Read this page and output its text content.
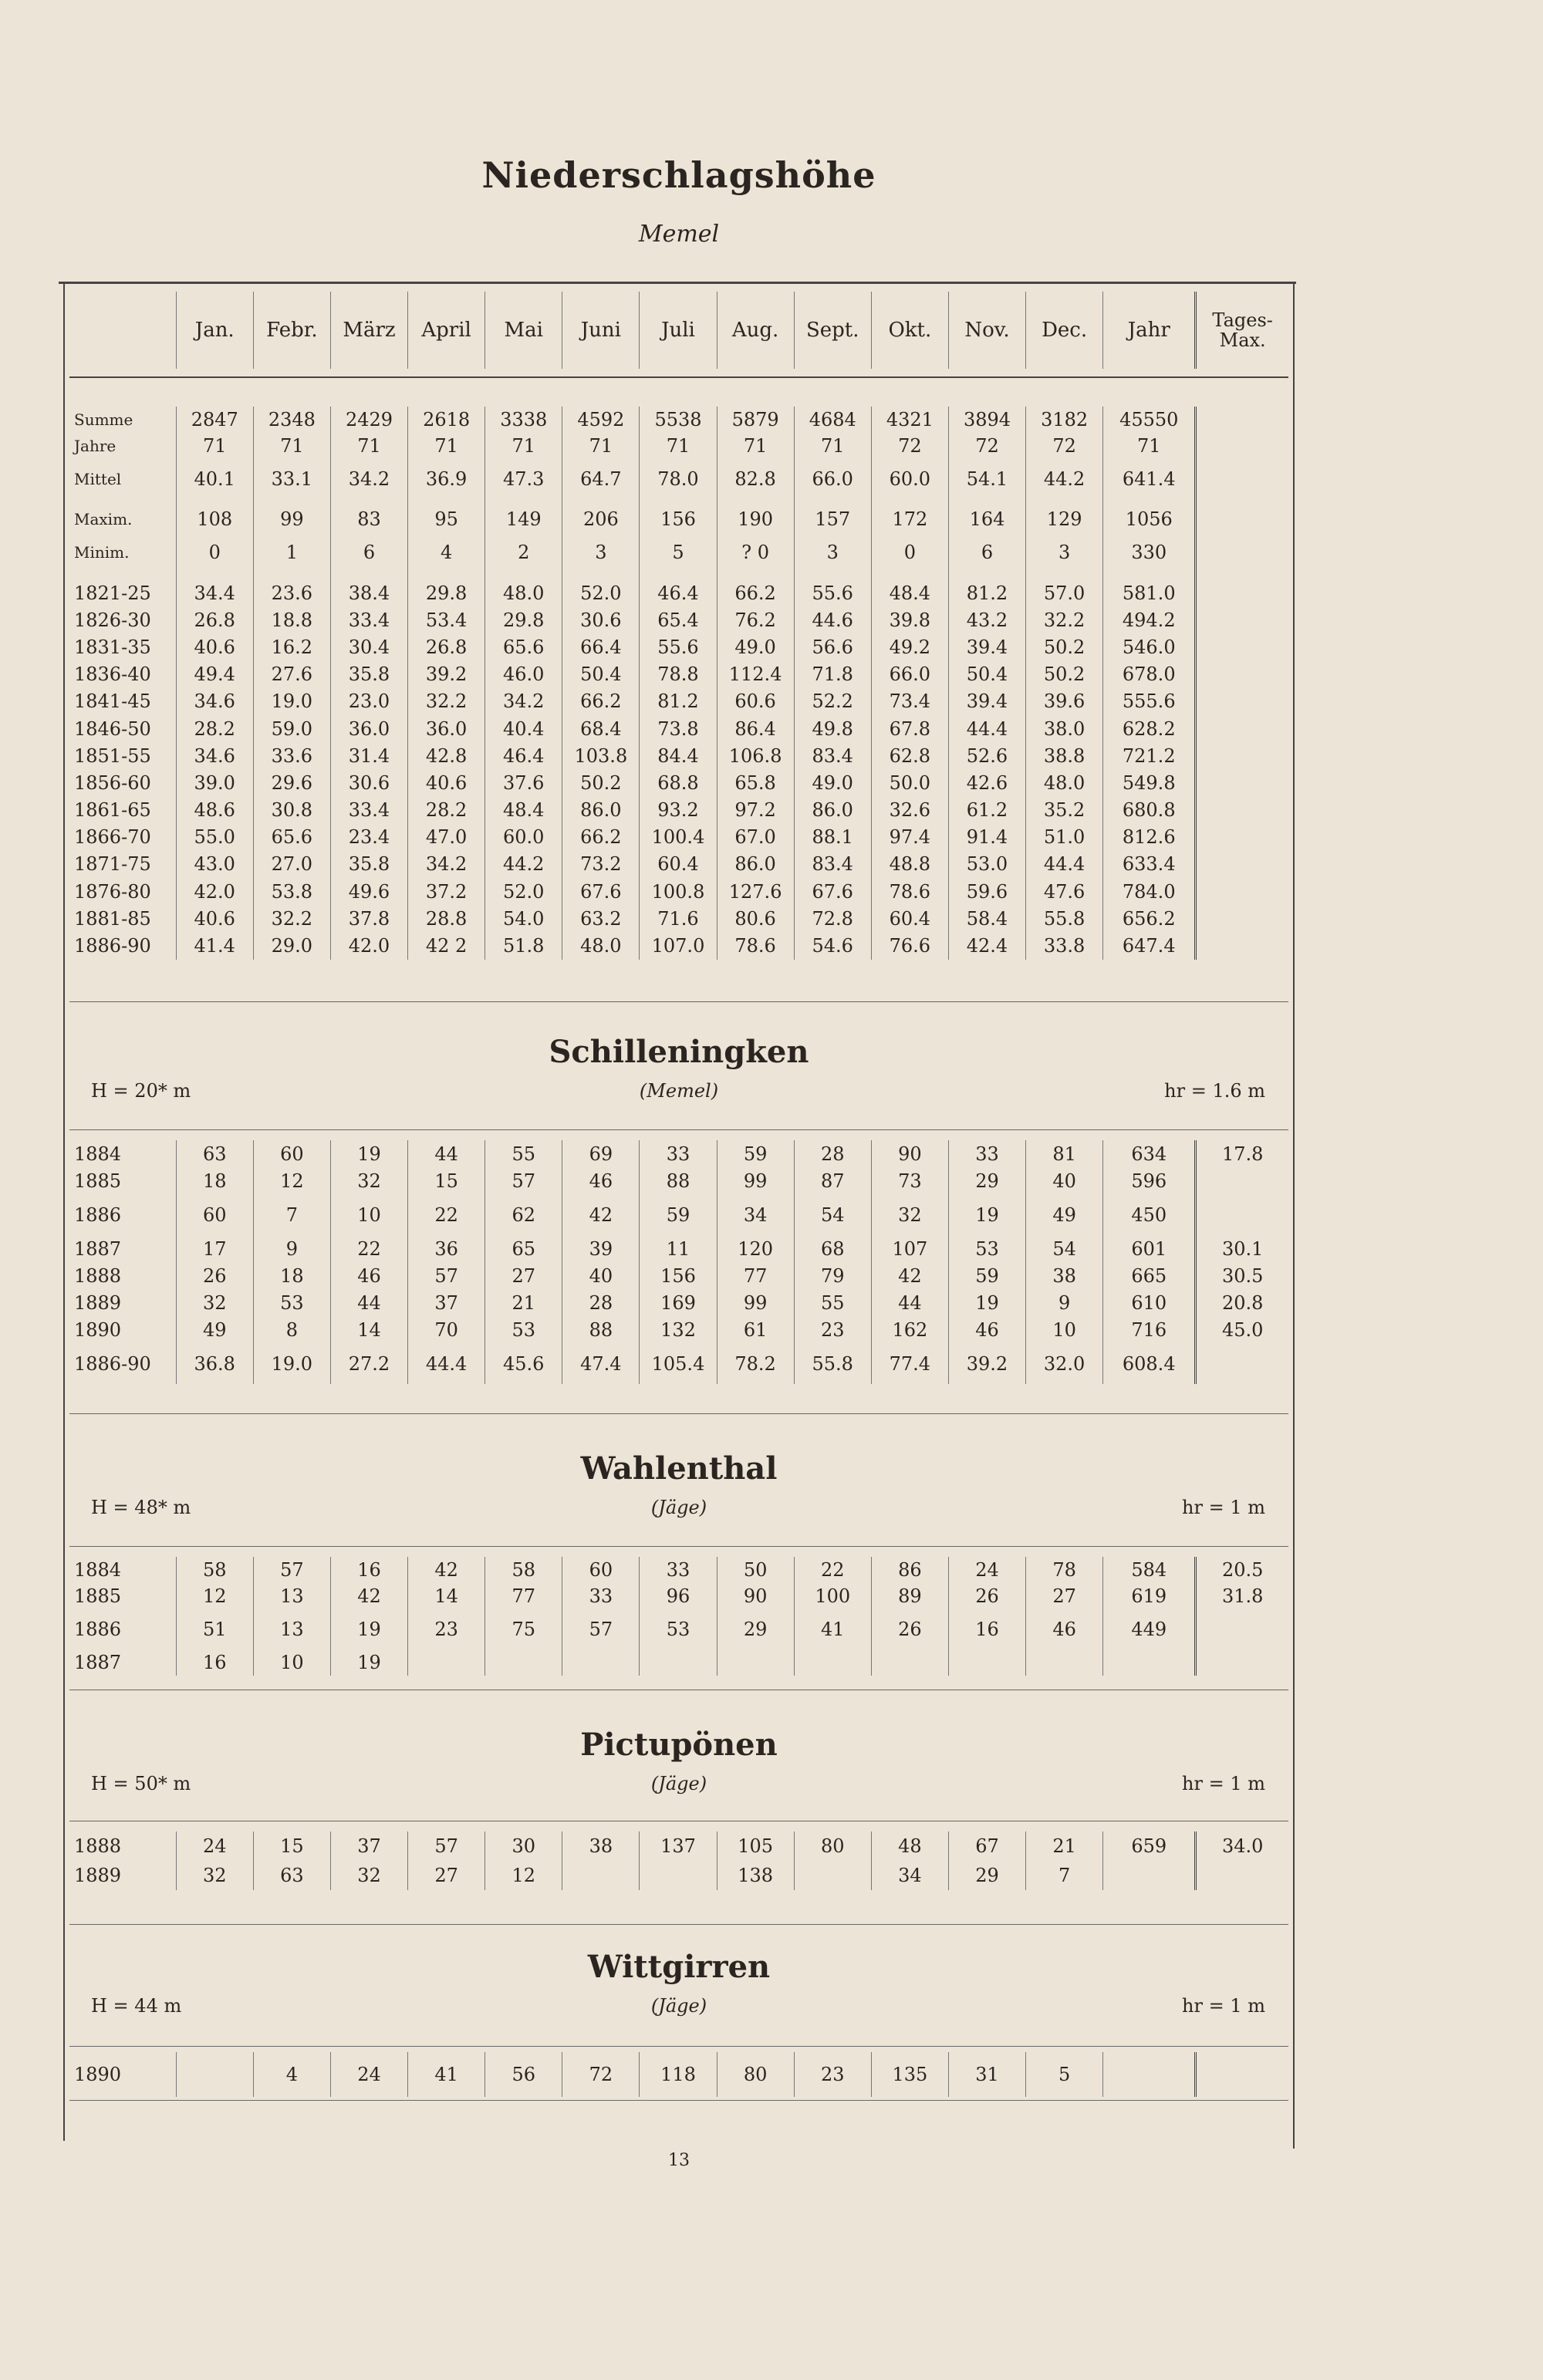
Niederschlagshöhe
Memel
	Jan.	Febr.	März	April	Mai	Juni	Juli	Aug.	Sept.	Okt.	Nov.	Dec.	Jahr	Tages-Max.
Summe	2847	2348	2429	2618	3338	4592	5538	5879	4684	4321	3894	3182	45550	
Jahre	71	71	71	71	71	71	71	71	71	72	72	72	71	
Mittel	40.1	33.1	34.2	36.9	47.3	64.7	78.0	82.8	66.0	60.0	54.1	44.2	641.4	
Maxim.	108	99	83	95	149	206	156	190	157	172	164	129	1056	
Minim.	0	1	6	4	2	3	5	? 0	3	0	6	3	330	

1821-25	34.4	23.6	38.4	29.8	48.0	52.0	46.4	66.2	55.6	48.4	81.2	57.0	581.0	
1826-30	26.8	18.8	33.4	53.4	29.8	30.6	65.4	76.2	44.6	39.8	43.2	32.2	494.2	
1831-35	40.6	16.2	30.4	26.8	65.6	66.4	55.6	49.0	56.6	49.2	39.4	50.2	546.0	
1836-40	49.4	27.6	35.8	39.2	46.0	50.4	78.8	112.4	71.8	66.0	50.4	50.2	678.0	
1841-45	34.6	19.0	23.0	32.2	34.2	66.2	81.2	60.6	52.2	73.4	39.4	39.6	555.6	
1846-50	28.2	59.0	36.0	36.0	40.4	68.4	73.8	86.4	49.8	67.8	44.4	38.0	628.2	
1851-55	34.6	33.6	31.4	42.8	46.4	103.8	84.4	106.8	83.4	62.8	52.6	38.8	721.2	
1856-60	39.0	29.6	30.6	40.6	37.6	50.2	68.8	65.8	49.0	50.0	42.6	48.0	549.8	
1861-65	48.6	30.8	33.4	28.2	48.4	86.0	93.2	97.2	86.0	32.6	61.2	35.2	680.8	
1866-70	55.0	65.6	23.4	47.0	60.0	66.2	100.4	67.0	88.1	97.4	91.4	51.0	812.6	
1871-75	43.0	27.0	35.8	34.2	44.2	73.2	60.4	86.0	83.4	48.8	53.0	44.4	633.4	
1876-80	42.0	53.8	49.6	37.2	52.0	67.6	100.8	127.6	67.6	78.6	59.6	47.6	784.0	
1881-85	40.6	32.2	37.8	28.8	54.0	63.2	71.6	80.6	72.8	60.4	58.4	55.8	656.2	
1886-90	41.4	29.0	42.0	42 2	51.8	48.0	107.0	78.6	54.6	76.6	42.4	33.8	647.4	
Schilleningken
H = 20* m	(Memel)	hr = 1.6 m
1884	63	60	19	44	55	69	33	59	28	90	33	81	634	17.8
1885	18	12	32	15	57	46	88	99	87	73	29	40	596	
1886	60	7	10	22	62	42	59	34	54	32	19	49	450	
1887	17	9	22	36	65	39	11	120	68	107	53	54	601	30.1
1888	26	18	46	57	27	40	156	77	79	42	59	38	665	30.5
1889	32	53	44	37	21	28	169	99	55	44	19	9	610	20.8
1890	49	8	14	70	53	88	132	61	23	162	46	10	716	45.0
1886-90	36.8	19.0	27.2	44.4	45.6	47.4	105.4	78.2	55.8	77.4	39.2	32.0	608.4	
Wahlenthal
H = 48* m	(Jäge)	hr = 1 m
1884	58	57	16	42	58	60	33	50	22	86	24	78	584	20.5
1885	12	13	42	14	77	33	96	90	100	89	26	27	619	31.8
1886	51	13	19	23	75	57	53	29	41	26	16	46	449	
1887	16	10	19											
Pictupönen
H = 50* m	(Jäge)	hr = 1 m
1888	24	15	37	57	30	38	137	105	80	48	67	21	659	34.0
1889	32	63	32	27	12			138		34	29	7		
Wittgirren
H = 44 m	(Jäge)	hr = 1 m
1890		4	24	41	56	72	118	80	23	135	31	5		
13
